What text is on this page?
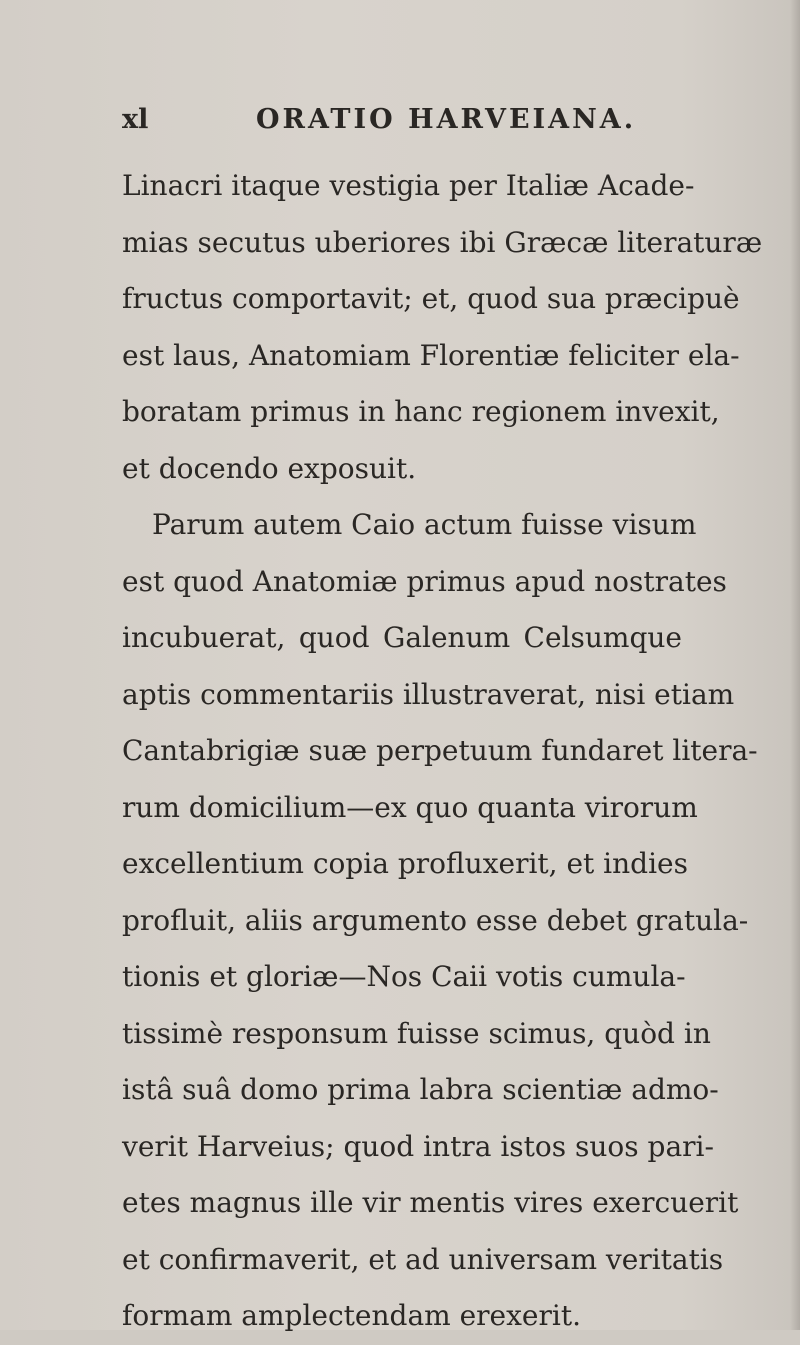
xl	ORATIO HARVEIANA.
Linacri itaque vestigia per Italiæ Acade-
mias secutus uberiores ibi Græcæ literaturæ
fructus comportavit; et, quod sua præcipuè
est laus, Anatomiam Florentiæ feliciter ela-
boratam primus in hanc regionem invexit,
et docendo exposuit.
Parum autem Caio actum fuisse visum
est quod Anatomiæ primus apud nostrates
incubuerat, quod Galenum Celsumque
aptis commentariis illustraverat, nisi etiam
Cantabrigiæ suæ perpetuum fundaret litera-
rum domicilium—ex quo quanta virorum
excellentium copia profluxerit, et indies
profluit, aliis argumento esse debet gratula-
tionis et gloriæ—Nos Caii votis cumula-
tissimè responsum fuisse scimus, quòd in
istâ suâ domo prima labra scientiæ admo-
verit Harveius; quod intra istos suos pari-
etes magnus ille vir mentis vires exercuerit
et confirmaverit, et ad universam veritatis
formam amplectendam erexerit.
